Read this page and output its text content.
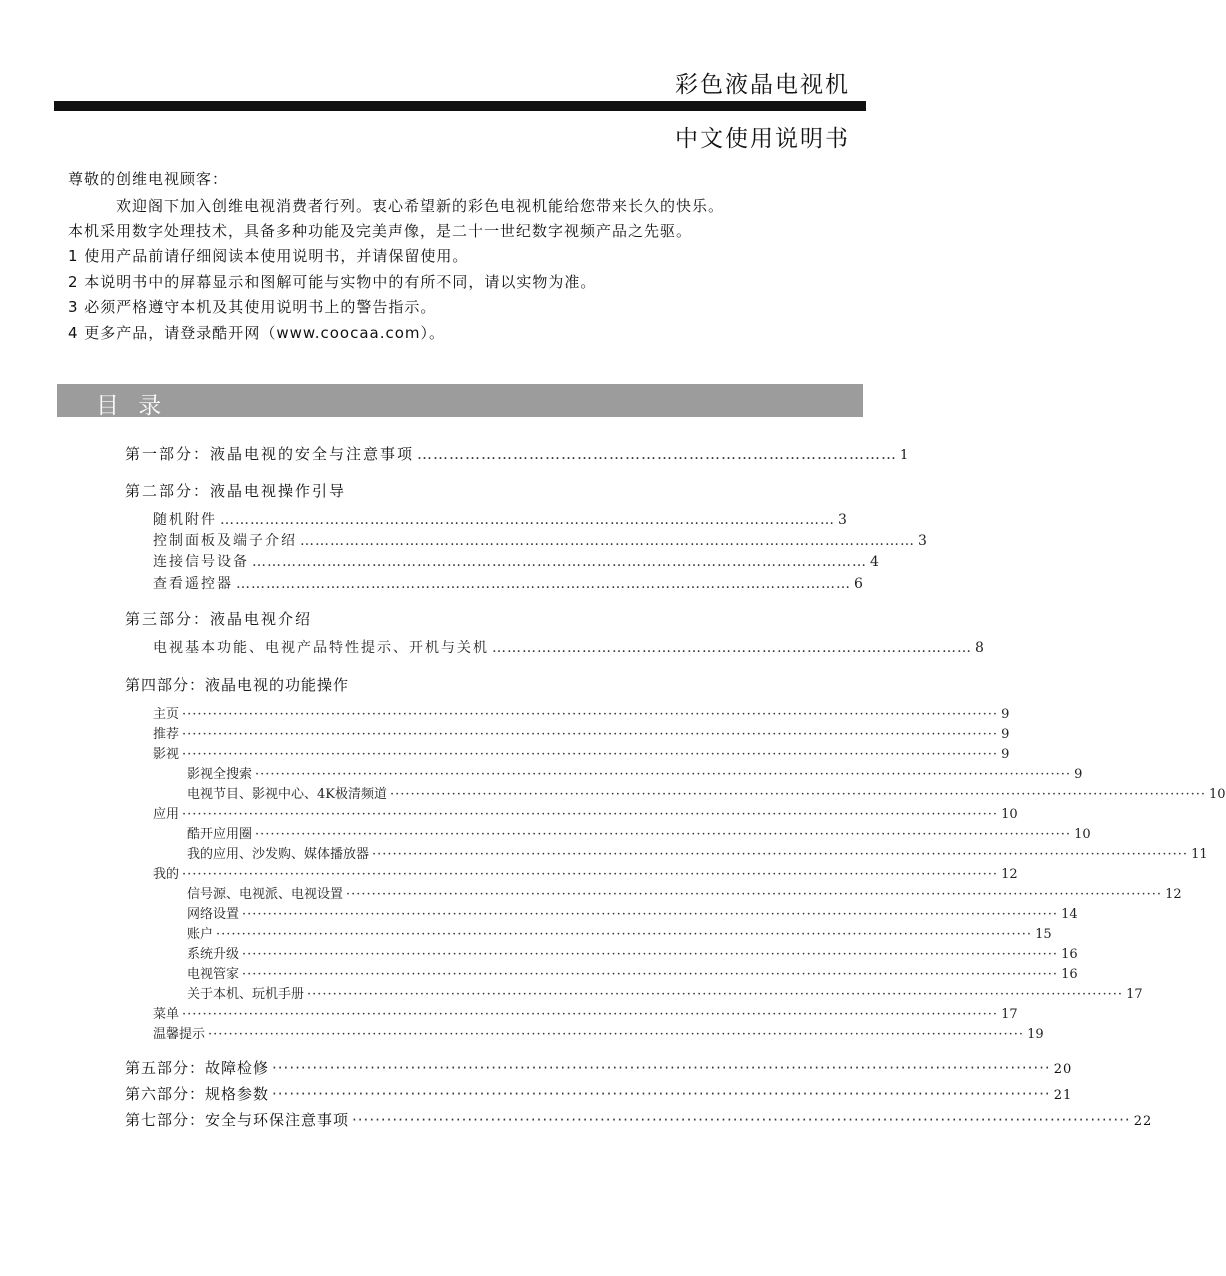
彩色液晶电视机
中文使用说明书
尊敬的创维电视顾客：
欢迎阁下加入创维电视消费者行列。衷心希望新的彩色电视机能给您带来长久的快乐。
本机采用数字处理技术，具备多种功能及完美声像，是二十一世纪数字视频产品之先驱。
1 使用产品前请仔细阅读本使用说明书，并请保留使用。
2 本说明书中的屏幕显示和图解可能与实物中的有所不同，请以实物为准。
3 必须严格遵守本机及其使用说明书上的警告指示。
4 更多产品，请登录酷开网（www.coocaa.com）。
目 录
第一部分：液晶电视的安全与注意事项 ……………………………………………………………………………… 1
第二部分：液晶电视操作引导
随机附件 …………………………………………………………………………………………………………… 3
控制面板及端子介绍 …………………………………………………………………………………………………………… 3
连接信号设备 …………………………………………………………………………………………………………… 4
查看遥控器 …………………………………………………………………………………………………………… 6
第三部分：液晶电视介绍
电视基本功能、电视产品特性提示、开机与关机 …………………………………………………………………………………… 8
第四部分：液晶电视的功能操作
主页 ······························································································································································· 9
推荐 ······························································································································································· 9
影视 ······························································································································································· 9
影视全搜索 ······························································································································································· 9
电视节目、影视中心、4K极清频道 ······························································································································································· 10
应用 ······························································································································································· 10
酷开应用圈 ······························································································································································· 10
我的应用、沙发购、媒体播放器 ······························································································································································· 11
我的 ······························································································································································· 12
信号源、电视派、电视设置 ······························································································································································· 12
网络设置 ······························································································································································· 14
账户 ······························································································································································· 15
系统升级 ······························································································································································· 16
电视管家 ······························································································································································· 16
关于本机、玩机手册 ······························································································································································· 17
菜单 ······························································································································································· 17
温馨提示 ······························································································································································· 19
第五部分：故障检修 ······································································································································· 20
第六部分：规格参数 ······································································································································· 21
第七部分：安全与环保注意事项 ······································································································································· 22
